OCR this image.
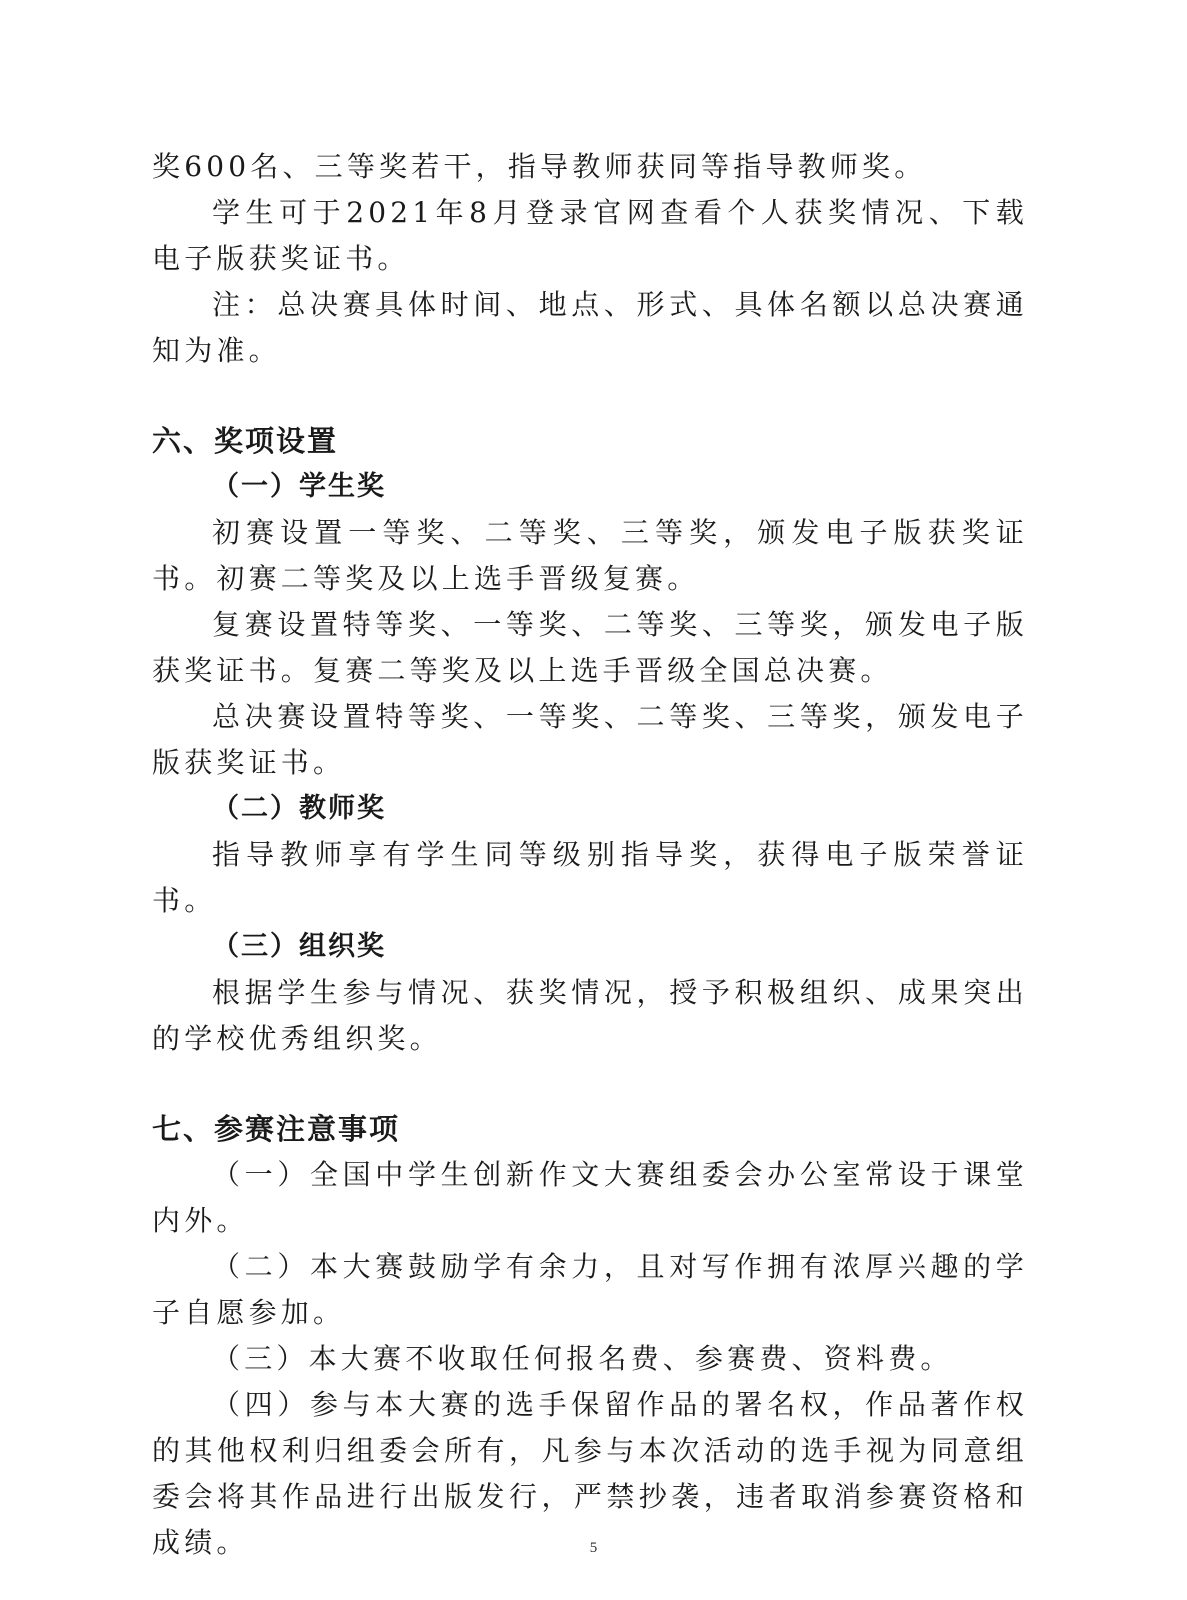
奖600名、三等奖若干，指导教师获同等指导教师奖。

学生可于2021年8月登录官网查看个人获奖情况、下载电子版获奖证书。

注：总决赛具体时间、地点、形式、具体名额以总决赛通知为准。

六、奖项设置
（一）学生奖

初赛设置一等奖、二等奖、三等奖，颁发电子版获奖证书。初赛二等奖及以上选手晋级复赛。

复赛设置特等奖、一等奖、二等奖、三等奖，颁发电子版获奖证书。复赛二等奖及以上选手晋级全国总决赛。

总决赛设置特等奖、一等奖、二等奖、三等奖，颁发电子版获奖证书。

（二）教师奖

指导教师享有学生同等级别指导奖，获得电子版荣誉证书。

（三）组织奖

根据学生参与情况、获奖情况，授予积极组织、成果突出的学校优秀组织奖。

七、参赛注意事项

（一）全国中学生创新作文大赛组委会办公室常设于课堂内外。

（二）本大赛鼓励学有余力，且对写作拥有浓厚兴趣的学子自愿参加。

（三）本大赛不收取任何报名费、参赛费、资料费。

（四）参与本大赛的选手保留作品的署名权，作品著作权的其他权利归组委会所有，凡参与本次活动的选手视为同意组委会将其作品进行出版发行，严禁抄袭，违者取消参赛资格和成绩。	5
